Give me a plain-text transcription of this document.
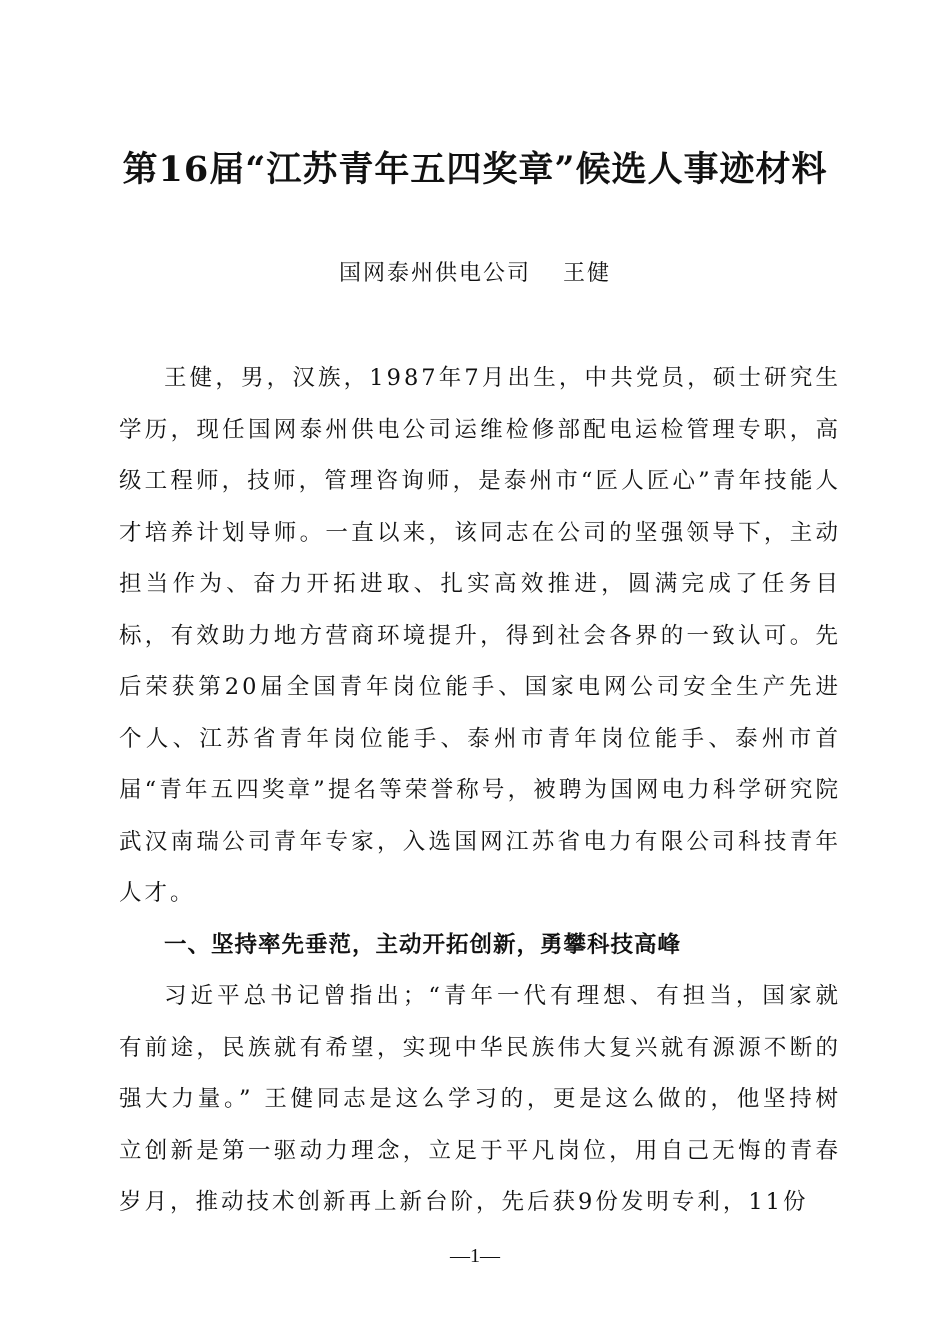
第16届“江苏青年五四奖章”候选人事迹材料
国网泰州供电公司 王健

王健，男，汉族，1987年7月出生，中共党员，硕士研究生学历，现任国网泰州供电公司运维检修部配电运检管理专职，高级工程师，技师，管理咨询师，是泰州市“匠人匠心”青年技能人才培养计划导师。一直以来，该同志在公司的坚强领导下，主动担当作为、奋力开拓进取、扎实高效推进，圆满完成了任务目标，有效助力地方营商环境提升，得到社会各界的一致认可。先后荣获第20届全国青年岗位能手、国家电网公司安全生产先进个人、江苏省青年岗位能手、泰州市青年岗位能手、泰州市首届“青年五四奖章”提名等荣誉称号，被聘为国网电力科学研究院武汉南瑞公司青年专家，入选国网江苏省电力有限公司科技青年人才。

一、坚持率先垂范，主动开拓创新，勇攀科技高峰

习近平总书记曾指出；“青年一代有理想、有担当，国家就有前途，民族就有希望，实现中华民族伟大复兴就有源源不断的强大力量。” 王健同志是这么学习的，更是这么做的，他坚持树立创新是第一驱动力理念，立足于平凡岗位，用自己无悔的青春岁月，推动技术创新再上新台阶，先后获9份发明专利，11份

—1—
